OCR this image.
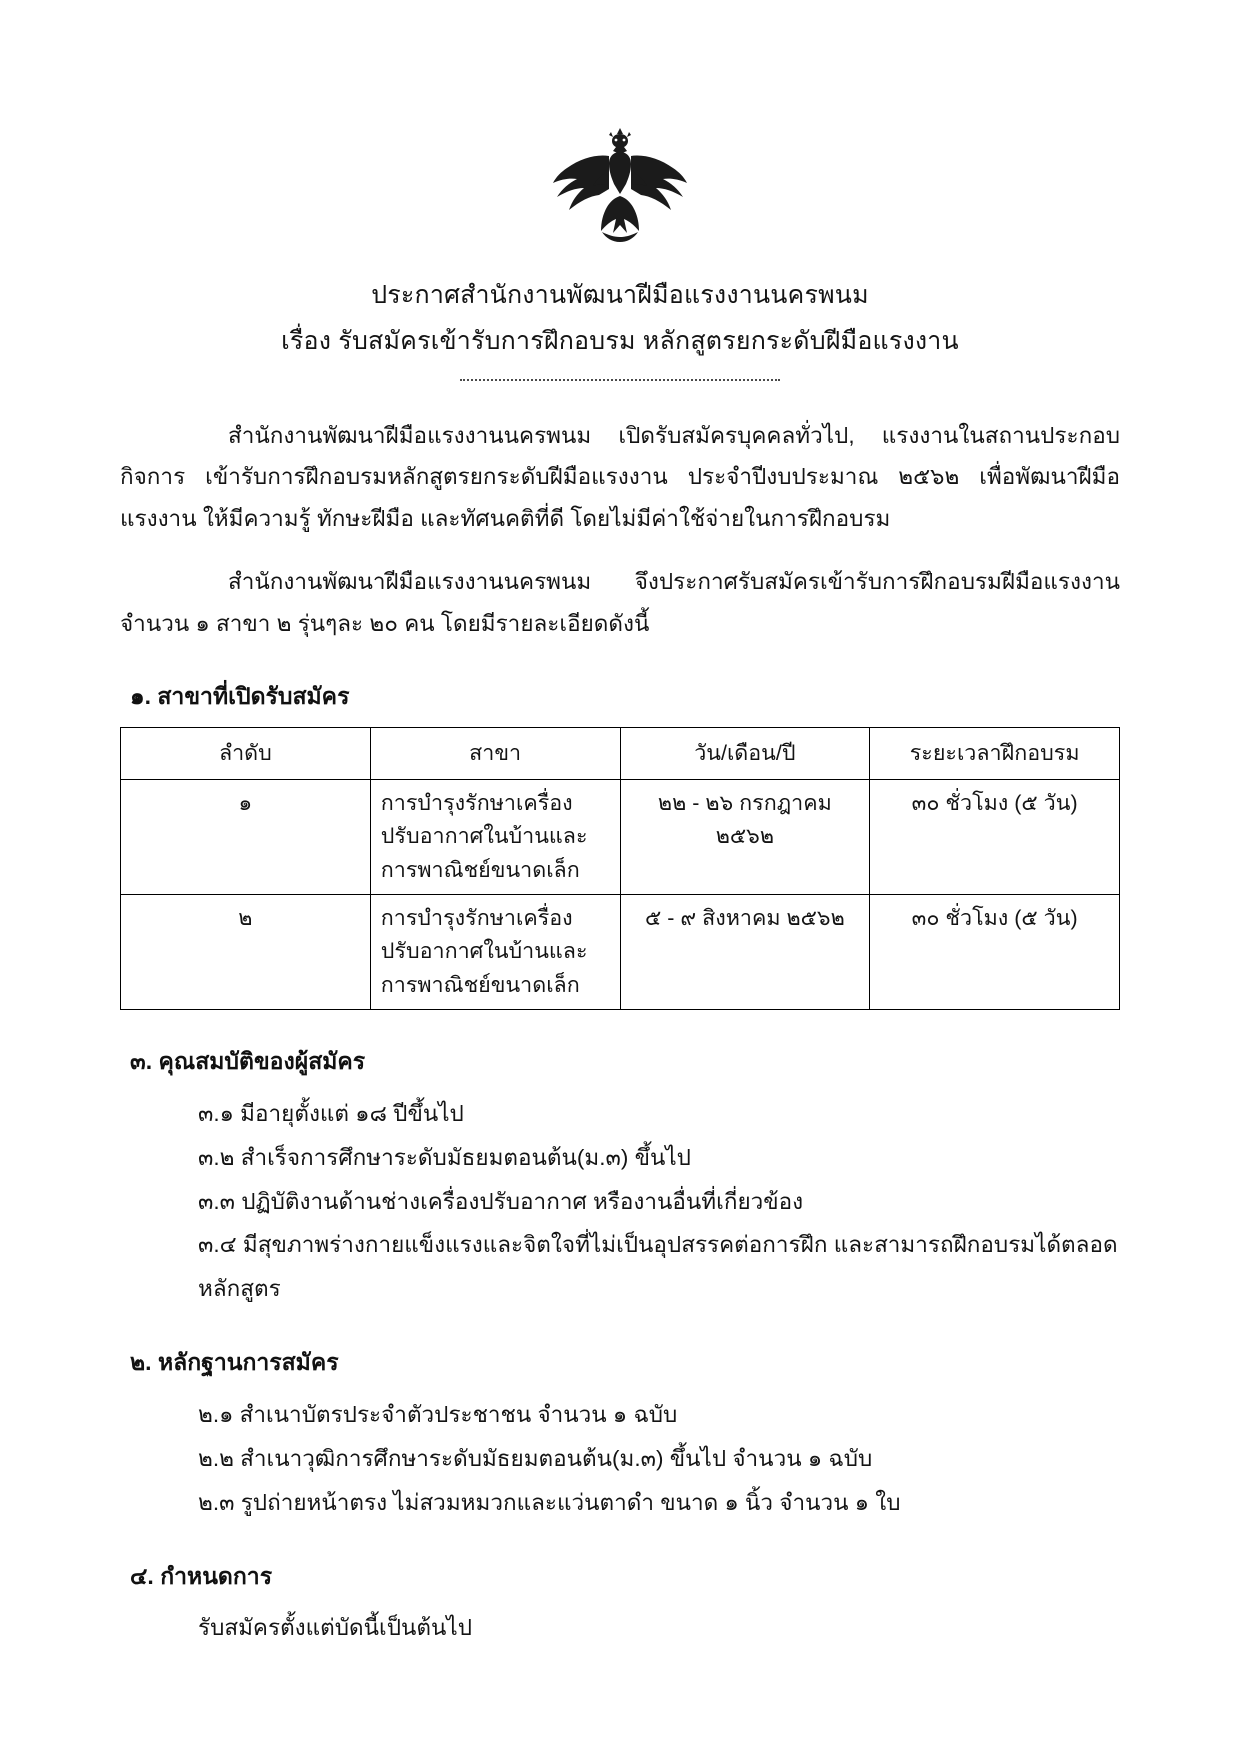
ประกาศสำนักงานพัฒนาฝีมือแรงงานนครพนม
เรื่อง รับสมัครเข้ารับการฝึกอบรม หลักสูตรยกระดับฝีมือแรงงาน

สำนักงานพัฒนาฝีมือแรงงานนครพนม เปิดรับสมัครบุคคลทั่วไป, แรงงานในสถานประกอบกิจการ เข้ารับการฝึกอบรมหลักสูตรยกระดับฝีมือแรงงาน ประจำปีงบประมาณ ๒๕๖๒ เพื่อพัฒนาฝีมือแรงงาน ให้มีความรู้ ทักษะฝีมือ และทัศนคติที่ดี โดยไม่มีค่าใช้จ่ายในการฝึกอบรม

สำนักงานพัฒนาฝีมือแรงงานนครพนม จึงประกาศรับสมัครเข้ารับการฝึกอบรมฝีมือแรงงาน จำนวน ๑ สาขา ๒ รุ่นๆละ ๒๐ คน โดยมีรายละเอียดดังนี้

๑. สาขาที่เปิดรับสมัคร
ลำดับ	สาขา	วัน/เดือน/ปี	ระยะเวลาฝึกอบรม
๑	การบำรุงรักษาเครื่องปรับอากาศในบ้านและการพาณิชย์ขนาดเล็ก	๒๒ - ๒๖ กรกฎาคม ๒๕๖๒	๓๐ ชั่วโมง (๕ วัน)
๒	การบำรุงรักษาเครื่องปรับอากาศในบ้านและการพาณิชย์ขนาดเล็ก	๕ - ๙ สิงหาคม ๒๕๖๒	๓๐ ชั่วโมง (๕ วัน)
๓. คุณสมบัติของผู้สมัคร
๓.๑ มีอายุตั้งแต่ ๑๘ ปีขึ้นไป
๓.๒ สำเร็จการศึกษาระดับมัธยมตอนต้น(ม.๓) ขึ้นไป
๓.๓ ปฏิบัติงานด้านช่างเครื่องปรับอากาศ หรืองานอื่นที่เกี่ยวข้อง
๓.๔ มีสุขภาพร่างกายแข็งแรงและจิตใจที่ไม่เป็นอุปสรรคต่อการฝึก และสามารถฝึกอบรมได้ตลอดหลักสูตร
๒. หลักฐานการสมัคร
๒.๑ สำเนาบัตรประจำตัวประชาชน จำนวน ๑ ฉบับ
๒.๒ สำเนาวุฒิการศึกษาระดับมัธยมตอนต้น(ม.๓) ขึ้นไป จำนวน ๑ ฉบับ
๒.๓ รูปถ่ายหน้าตรง ไม่สวมหมวกและแว่นตาดำ ขนาด ๑ นิ้ว จำนวน ๑ ใบ
๔. กำหนดการ
รับสมัครตั้งแต่บัดนี้เป็นต้นไป
